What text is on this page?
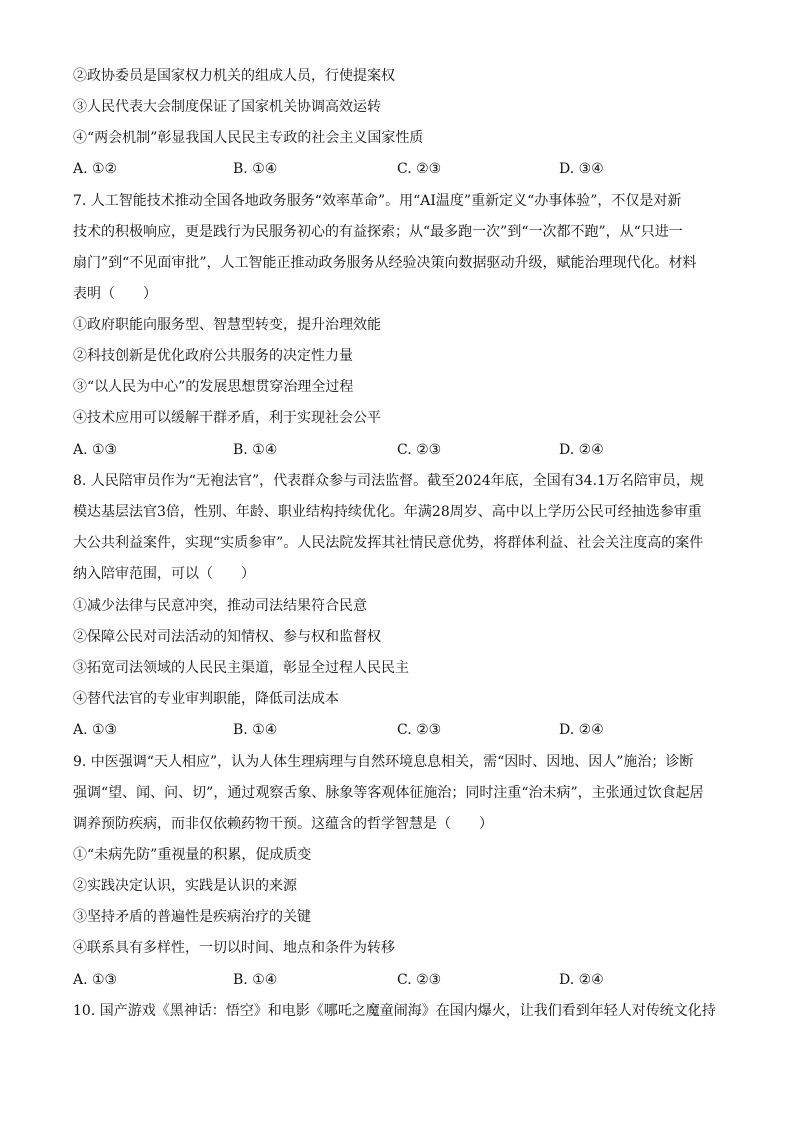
②政协委员是国家权力机关的组成人员，行使提案权
③人民代表大会制度保证了国家机关协调高效运转
④“两会机制”彰显我国人民民主专政的社会主义国家性质
A. ①②	B. ①④	C. ②③	D. ③④
7. 人工智能技术推动全国各地政务服务“效率革命”。用“AI温度”重新定义“办事体验”，不仅是对新
技术的积极响应，更是践行为民服务初心的有益探索；从“最多跑一次”到“一次都不跑”，从“只进一
扇门”到“不见面审批”，人工智能正推动政务服务从经验决策向数据驱动升级，赋能治理现代化。材料
表明（　　）
①政府职能向服务型、智慧型转变，提升治理效能
②科技创新是优化政府公共服务的决定性力量
③“以人民为中心”的发展思想贯穿治理全过程
④技术应用可以缓解干群矛盾，利于实现社会公平
A. ①③	B. ①④	C. ②③	D. ②④
8. 人民陪审员作为“无袍法官”，代表群众参与司法监督。截至2024年底，全国有34.1万名陪审员，规
模达基层法官3倍，性别、年龄、职业结构持续优化。年满28周岁、高中以上学历公民可经抽选参审重
大公共利益案件，实现“实质参审”。人民法院发挥其社情民意优势，将群体利益、社会关注度高的案件
纳入陪审范围，可以（　　）
①减少法律与民意冲突，推动司法结果符合民意
②保障公民对司法活动的知情权、参与权和监督权
③拓宽司法领域的人民民主渠道，彰显全过程人民民主
④替代法官的专业审判职能，降低司法成本
A. ①③	B. ①④	C. ②③	D. ②④
9. 中医强调“天人相应”，认为人体生理病理与自然环境息息相关，需“因时、因地、因人”施治；诊断
强调“望、闻、问、切”，通过观察舌象、脉象等客观体征施治；同时注重“治未病”，主张通过饮食起居
调养预防疾病，而非仅依赖药物干预。这蕴含的哲学智慧是（　　）
①“未病先防”重视量的积累，促成质变
②实践决定认识，实践是认识的来源
③坚持矛盾的普遍性是疾病治疗的关键
④联系具有多样性，一切以时间、地点和条件为转移
A. ①③	B. ①④	C. ②③	D. ②④
10. 国产游戏《黑神话：悟空》和电影《哪吒之魔童闹海》在国内爆火，让我们看到年轻人对传统文化持
